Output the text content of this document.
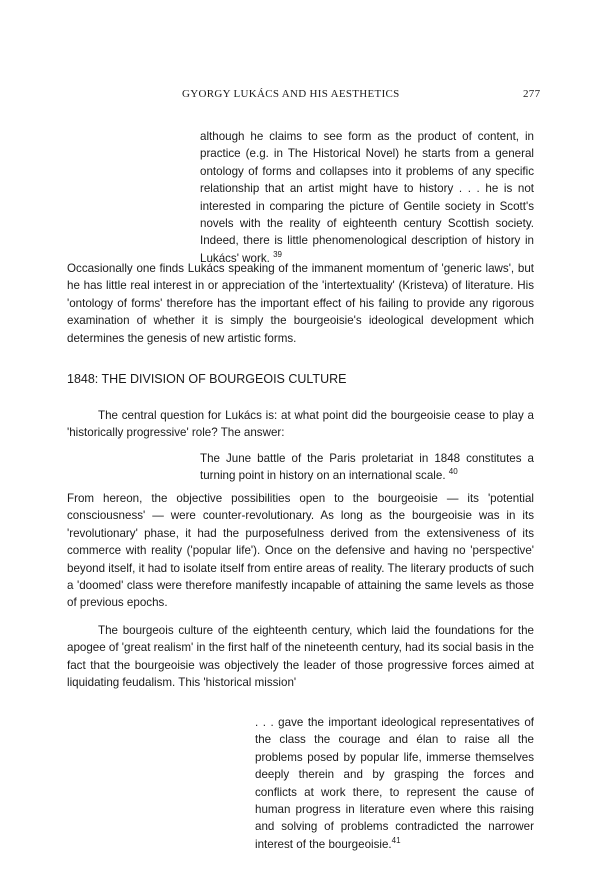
GYORGY LUKÁCS AND HIS AESTHETICS	277

although he claims to see form as the product of content, in practice (e.g. in The Historical Novel) he starts from a general ontology of forms and collapses into it problems of any specific relationship that an artist might have to history . . . he is not interested in comparing the picture of Gentile society in Scott's novels with the reality of eighteenth century Scottish society. Indeed, there is little phenomenological description of history in Lukács' work. $^{39}$

Occasionally one finds Lukács speaking of the immanent momentum of 'generic laws', but he has little real interest in or appreciation of the 'intertextuality' (Kristeva) of literature. His 'ontology of forms' therefore has the important effect of his failing to provide any rigorous examination of whether it is simply the bourgeoisie's ideological development which determines the genesis of new artistic forms.

1848: THE DIVISION OF BOURGEOIS CULTURE

The central question for Lukács is: at what point did the bourgeoisie cease to play a 'historically progressive' role? The answer:

The June battle of the Paris proletariat in 1848 constitutes a turning point in history on an international scale. $^{40}$

From hereon, the objective possibilities open to the bourgeoisie — its 'potential consciousness' — were counter-revolutionary. As long as the bourgeoisie was in its 'revolutionary' phase, it had the purposefulness derived from the extensiveness of its commerce with reality ('popular life'). Once on the defensive and having no 'perspective' beyond itself, it had to isolate itself from entire areas of reality. The literary products of such a 'doomed' class were therefore manifestly incapable of attaining the same levels as those of previous epochs.

The bourgeois culture of the eighteenth century, which laid the foundations for the apogee of 'great realism' in the first half of the nineteenth century, had its social basis in the fact that the bourgeoisie was objectively the leader of those progressive forces aimed at liquidating feudalism. This 'historical mission'

. . . gave the important ideological representatives of the class the courage and élan to raise all the problems posed by popular life, immerse themselves deeply therein and by grasping the forces and conflicts at work there, to represent the cause of human progress in literature even where this raising and solving of problems contradicted the narrower interest of the bourgeoisie.$^{41}$
